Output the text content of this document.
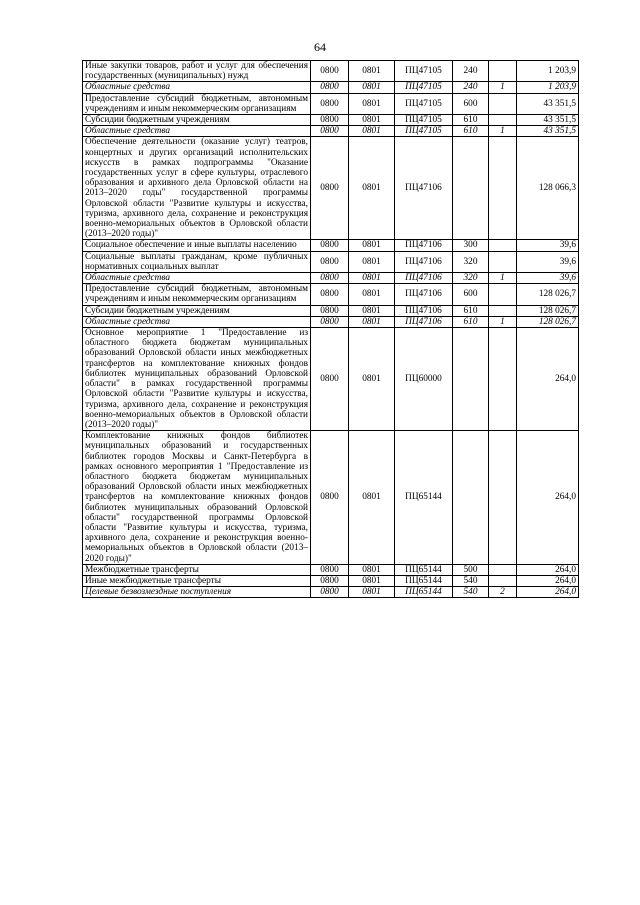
64
Иные закупки товаров, работ и услуг для обеспечения государственных (муниципальных) нужд	0800	0801	ПЦ47105	240		1 203,9
Областные средства	0800	0801	ПЦ47105	240	1	1 203,9
Предоставление субсидий бюджетным, автономным учреждениям и иным некоммерческим организациям	0800	0801	ПЦ47105	600		43 351,5
Субсидии бюджетным учреждениям	0800	0801	ПЦ47105	610		43 351,5
Областные средства	0800	0801	ПЦ47105	610	1	43 351,5
Обеспечение деятельности (оказание услуг) театров, концертных и других организаций исполнительских искусств в рамках подпрограммы "Оказание государственных услуг в сфере культуры, отраслевого образования и архивного дела Орловской области на 2013–2020 годы" государственной программы Орловской области "Развитие культуры и искусства, туризма, архивного дела, сохранение и реконструкция военно-мемориальных объектов в Орловской области (2013–2020 годы)"	0800	0801	ПЦ47106			128 066,3
Социальное обеспечение и иные выплаты населению	0800	0801	ПЦ47106	300		39,6
Социальные выплаты гражданам, кроме публичных нормативных социальных выплат	0800	0801	ПЦ47106	320		39,6
Областные средства	0800	0801	ПЦ47106	320	1	39,6
Предоставление субсидий бюджетным, автономным учреждениям и иным некоммерческим организациям	0800	0801	ПЦ47106	600		128 026,7
Субсидии бюджетным учреждениям	0800	0801	ПЦ47106	610		128 026,7
Областные средства	0800	0801	ПЦ47106	610	1	128 026,7
Основное мероприятие 1 "Предоставление из областного бюджета бюджетам муниципальных образований Орловской области иных межбюджетных трансфертов на комплектование книжных фондов библиотек муниципальных образований Орловской области" в рамках государственной программы Орловской области "Развитие культуры и искусства, туризма, архивного дела, сохранение и реконструкция военно-мемориальных объектов в Орловской области (2013–2020 годы)"	0800	0801	ПЦ60000			264,0
Комплектование книжных фондов библиотек муниципальных образований и государственных библиотек городов Москвы и Санкт-Петербурга в рамках основного мероприятия 1 "Предоставление из областного бюджета бюджетам муниципальных образований Орловской области иных межбюджетных трансфертов на комплектование книжных фондов библиотек муниципальных образований Орловской области" государственной программы Орловской области "Развитие культуры и искусства, туризма, архивного дела, сохранение и реконструкция военно-мемориальных объектов в Орловской области (2013–2020 годы)"	0800	0801	ПЦ65144			264,0
Межбюджетные трансферты	0800	0801	ПЦ65144	500		264,0
Иные межбюджетные трансферты	0800	0801	ПЦ65144	540		264,0
Целевые безвозмездные поступления	0800	0801	ПЦ65144	540	2	264,0
